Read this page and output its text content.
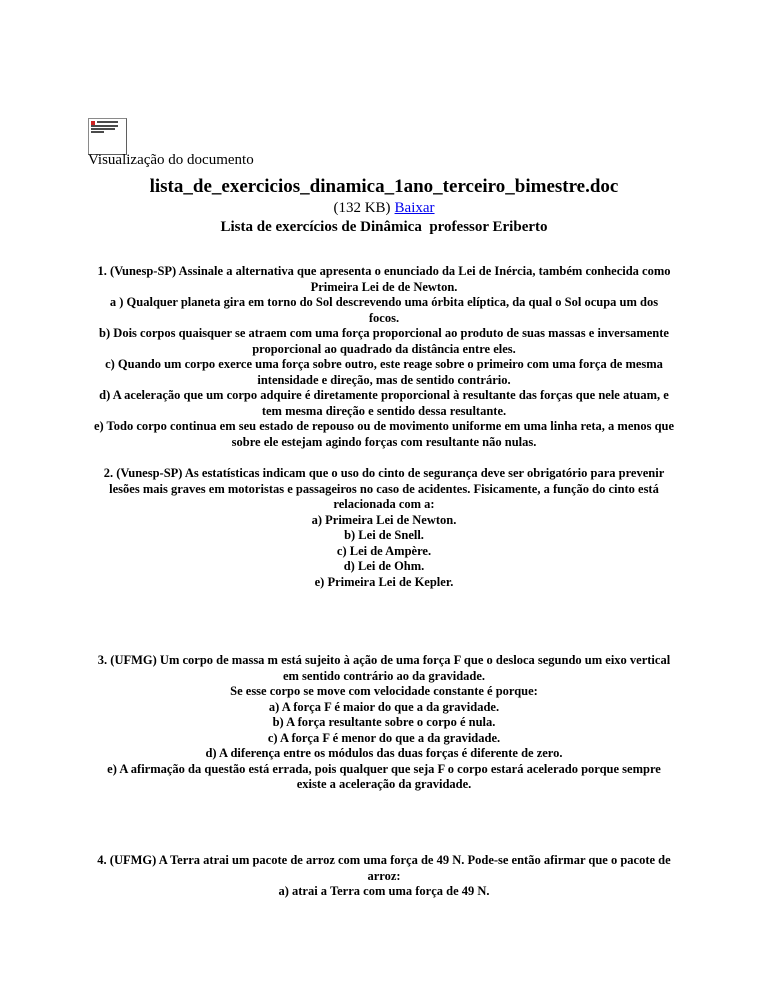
Visualização do documento
lista_de_exercicios_dinamica_1ano_terceiro_bimestre.doc
(132 KB) Baixar
Lista de exercícios de Dinâmica  professor Eriberto
1. (Vunesp-SP) Assinale a alternativa que apresenta o enunciado da Lei de Inércia, também conhecida como
Primeira Lei de de Newton.
a ) Qualquer planeta gira em torno do Sol descrevendo uma órbita elíptica, da qual o Sol ocupa um dos
focos.
b) Dois corpos quaisquer se atraem com uma força proporcional ao produto de suas massas e inversamente
proporcional ao quadrado da distância entre eles.
c) Quando um corpo exerce uma força sobre outro, este reage sobre o primeiro com uma força de mesma
intensidade e direção, mas de sentido contrário.
d) A aceleração que um corpo adquire é diretamente proporcional à resultante das forças que nele atuam, e
tem mesma direção e sentido dessa resultante.
e) Todo corpo continua em seu estado de repouso ou de movimento uniforme em uma linha reta, a menos que
sobre ele estejam agindo forças com resultante não nulas.
2. (Vunesp-SP) As estatísticas indicam que o uso do cinto de segurança deve ser obrigatório para prevenir
lesões mais graves em motoristas e passageiros no caso de acidentes. Fisicamente, a função do cinto está
relacionada com a:
a) Primeira Lei de Newton.
b) Lei de Snell.
c) Lei de Ampère.
d) Lei de Ohm.
e) Primeira Lei de Kepler.
3. (UFMG) Um corpo de massa m está sujeito à ação de uma força F que o desloca segundo um eixo vertical
em sentido contrário ao da gravidade.
Se esse corpo se move com velocidade constante é porque:
a) A força F é maior do que a da gravidade.
b) A força resultante sobre o corpo é nula.
c) A força F é menor do que a da gravidade.
d) A diferença entre os módulos das duas forças é diferente de zero.
e) A afirmação da questão está errada, pois qualquer que seja F o corpo estará acelerado porque sempre
existe a aceleração da gravidade.
4. (UFMG) A Terra atrai um pacote de arroz com uma força de 49 N. Pode-se então afirmar que o pacote de
arroz:
a) atrai a Terra com uma força de 49 N.
